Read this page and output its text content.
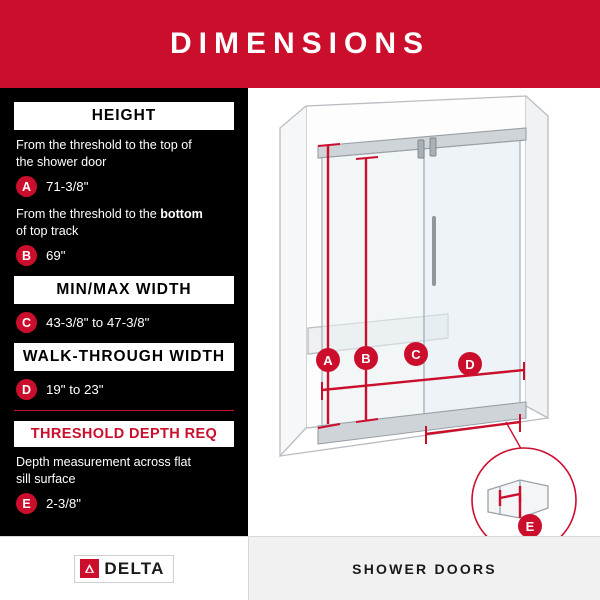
DIMENSIONS
HEIGHT

From the threshold to the top of

the shower door

A	71-3/8"

From the threshold to the bottom

of top track

B	69"
MIN/MAX WIDTH
C	43-3/8" to 47-3/8"
WALK-THROUGH WIDTH
D	19" to 23"
THRESHOLD DEPTH REQ

Depth measurement across flat

sill surface

E	2-3/8"
A B	C
D
E
DELTA	SHOWER DOORS
